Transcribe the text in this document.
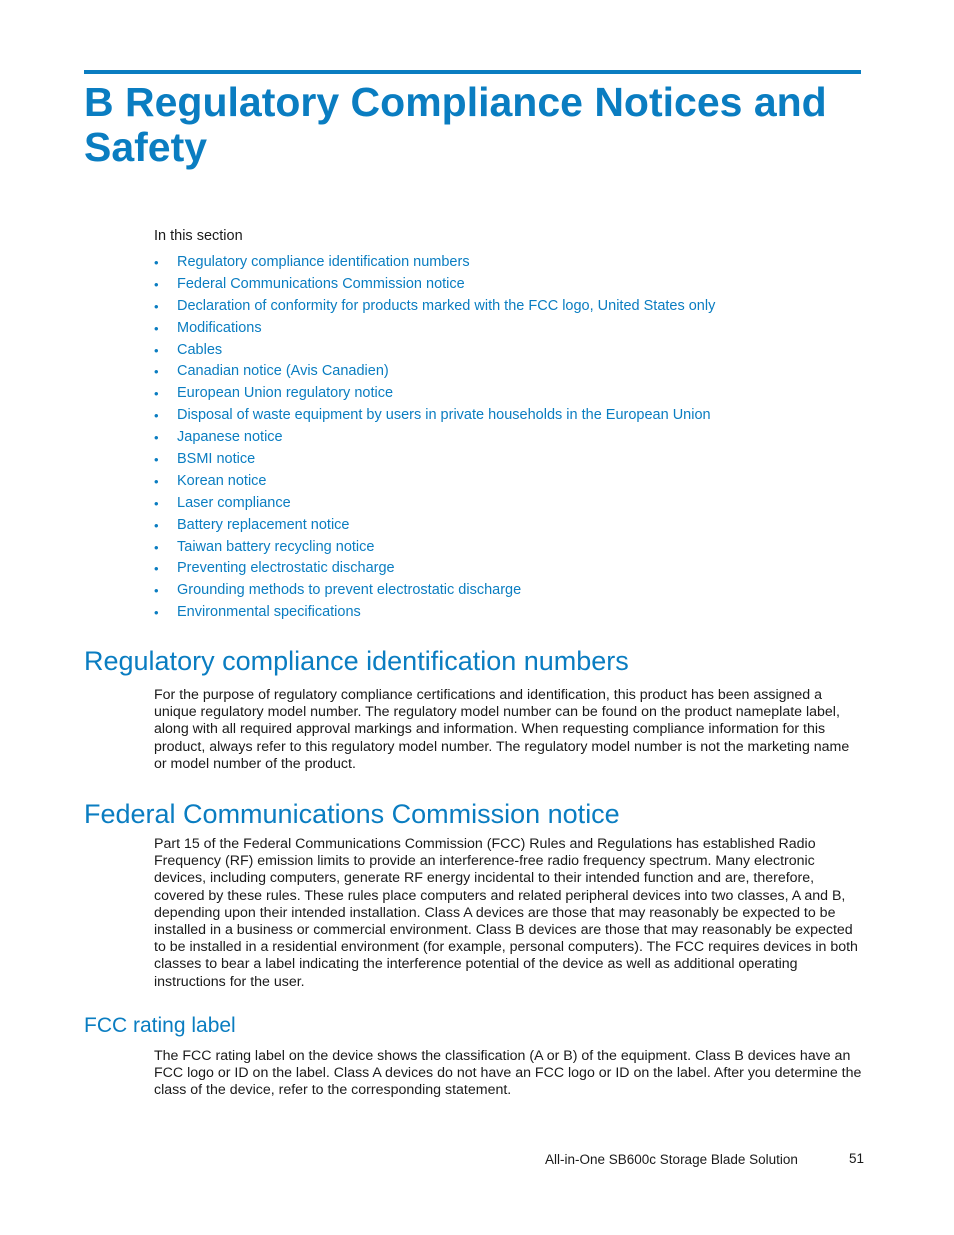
B Regulatory Compliance Notices and Safety
In this section
• Regulatory compliance identification numbers
• Federal Communications Commission notice
• Declaration of conformity for products marked with the FCC logo, United States only
• Modifications
• Cables
• Canadian notice (Avis Canadien)
• European Union regulatory notice
• Disposal of waste equipment by users in private households in the European Union
• Japanese notice
• BSMI notice
• Korean notice
• Laser compliance
• Battery replacement notice
• Taiwan battery recycling notice
• Preventing electrostatic discharge
• Grounding methods to prevent electrostatic discharge
• Environmental specifications
Regulatory compliance identification numbers

For the purpose of regulatory compliance certifications and identification, this product has been assigned a unique regulatory model number. The regulatory model number can be found on the product nameplate label, along with all required approval markings and information. When requesting compliance information for this product, always refer to this regulatory model number. The regulatory model number is not the marketing name or model number of the product.

Federal Communications Commission notice

Part 15 of the Federal Communications Commission (FCC) Rules and Regulations has established Radio Frequency (RF) emission limits to provide an interference-free radio frequency spectrum. Many electronic devices, including computers, generate RF energy incidental to their intended function and are, therefore, covered by these rules. These rules place computers and related peripheral devices into two classes, A and B, depending upon their intended installation. Class A devices are those that may reasonably be expected to be installed in a business or commercial environment. Class B devices are those that may reasonably be expected to be installed in a residential environment (for example, personal computers). The FCC requires devices in both classes to bear a label indicating the interference potential of the device as well as additional operating instructions for the user.

FCC rating label

The FCC rating label on the device shows the classification (A or B) of the equipment. Class B devices have an FCC logo or ID on the label. Class A devices do not have an FCC logo or ID on the label. After you determine the class of the device, refer to the corresponding statement.

All-in-One SB600c Storage Blade Solution	51
